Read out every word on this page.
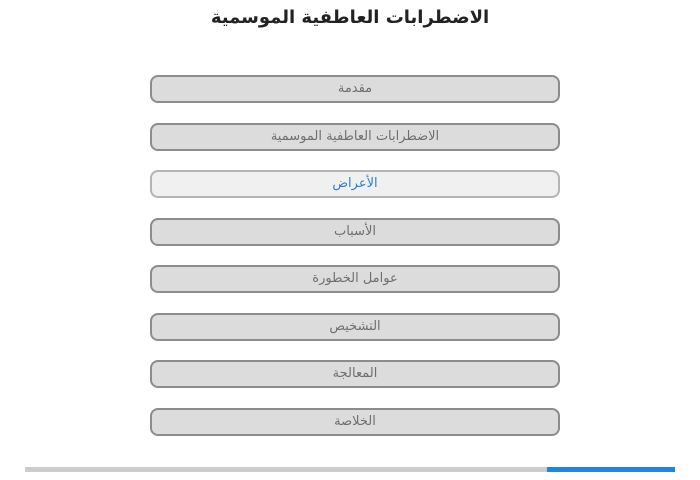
الاضطرابات العاطفية الموسمية
مقدمة
الاضطرابات العاطفية الموسمية
الأعراض
الأسباب
عوامل الخطورة
التشخيص
المعالجة
الخلاصة
